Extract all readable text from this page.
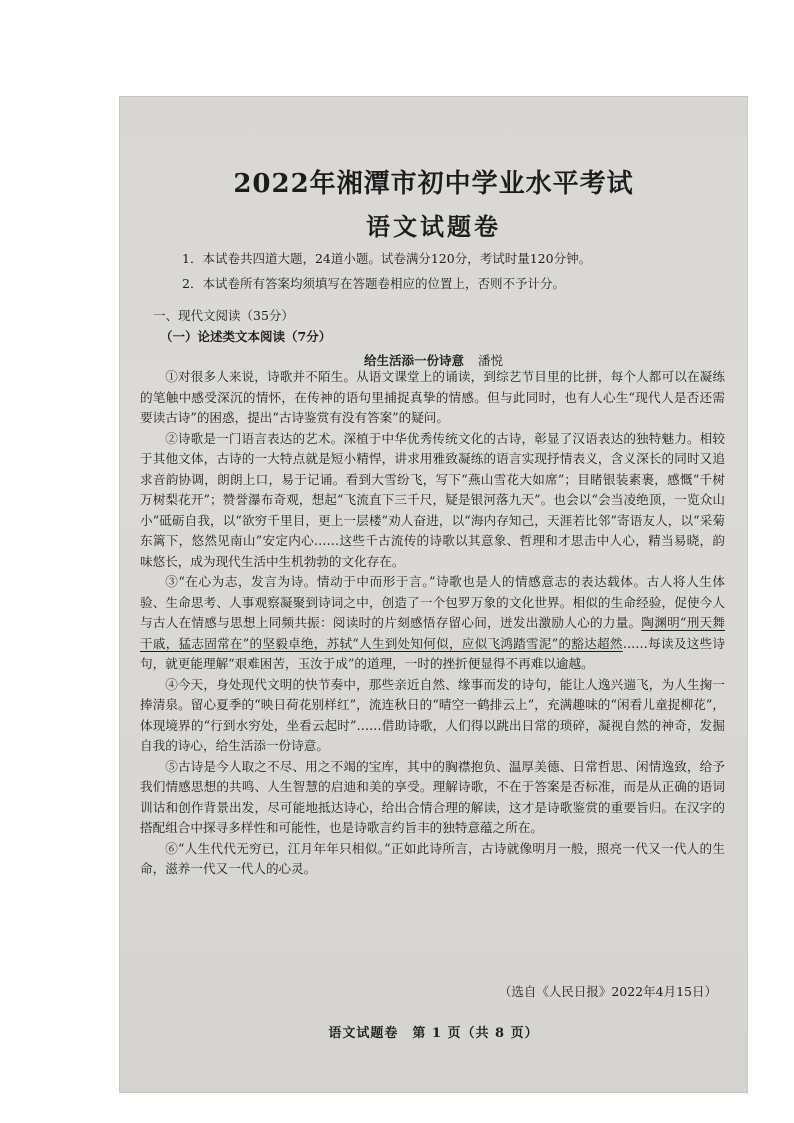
2022年湘潭市初中学业水平考试
语文试题卷
1．本试卷共四道大题，24道小题。试卷满分120分，考试时量120分钟。
2．本试卷所有答案均须填写在答题卷相应的位置上，否则不予计分。
一、现代文阅读（35分）
（一）论述类文本阅读（7分）
给生活添一份诗意 潘悦

①对很多人来说，诗歌并不陌生。从语文课堂上的诵读，到综艺节目里的比拼，每个人都可以在凝练的笔触中感受深沉的情怀，在传神的语句里捕捉真挚的情感。但与此同时，也有人心生“现代人是否还需要读古诗”的困惑，提出“古诗鉴赏有没有答案”的疑问。

②诗歌是一门语言表达的艺术。深植于中华优秀传统文化的古诗，彰显了汉语表达的独特魅力。相较于其他文体，古诗的一大特点就是短小精悍，讲求用雅致凝练的语言实现抒情表义，含义深长的同时又追求音韵协调，朗朗上口，易于记诵。看到大雪纷飞，写下“燕山雪花大如席”；目睹银装素裹，感慨“千树万树梨花开”；赞誉瀑布奇观，想起“飞流直下三千尺，疑是银河落九天”。也会以“会当凌绝顶，一览众山小”砥砺自我，以“欲穷千里目，更上一层楼”劝人奋进，以“海内存知己，天涯若比邻”寄语友人，以“采菊东篱下，悠然见南山”安定内心……这些千古流传的诗歌以其意象、哲理和才思击中人心，精当易晓，韵味悠长，成为现代生活中生机勃勃的文化存在。

③“在心为志，发言为诗。情动于中而形于言。”诗歌也是人的情感意志的表达载体。古人将人生体验、生命思考、人事观察凝聚到诗词之中，创造了一个包罗万象的文化世界。相似的生命经验，促使今人与古人在情感与思想上同频共振：阅读时的片刻感悟存留心间，迸发出激励人心的力量。陶渊明“刑天舞干戚，猛志固常在”的坚毅卓绝，苏轼“人生到处知何似，应似飞鸿踏雪泥”的豁达超然……每读及这些诗句，就更能理解“艰难困苦，玉汝于成”的道理，一时的挫折便显得不再难以逾越。

④今天，身处现代文明的快节奏中，那些亲近自然、缘事而发的诗句，能让人逸兴遄飞，为人生掬一捧清泉。留心夏季的“映日荷花别样红”，流连秋日的“晴空一鹤排云上”，充满趣味的“闲看儿童捉柳花”，体现境界的“行到水穷处，坐看云起时”……借助诗歌，人们得以跳出日常的琐碎，凝视自然的神奇，发掘自我的诗心，给生活添一份诗意。

⑤古诗是今人取之不尽、用之不竭的宝库，其中的胸襟抱负、温厚美德、日常哲思、闲情逸致，给予我们情感思想的共鸣、人生智慧的启迪和美的享受。理解诗歌，不在于答案是否标准，而是从正确的语词训诂和创作背景出发，尽可能地抵达诗心，给出合情合理的解读，这才是诗歌鉴赏的重要旨归。在汉字的搭配组合中探寻多样性和可能性，也是诗歌言约旨丰的独特意蕴之所在。

⑥“人生代代无穷已，江月年年只相似。”正如此诗所言，古诗就像明月一般，照亮一代又一代人的生命，滋养一代又一代人的心灵。

（选自《人民日报》2022年4月15日）
语文试题卷　第 1 页（共 8 页）
